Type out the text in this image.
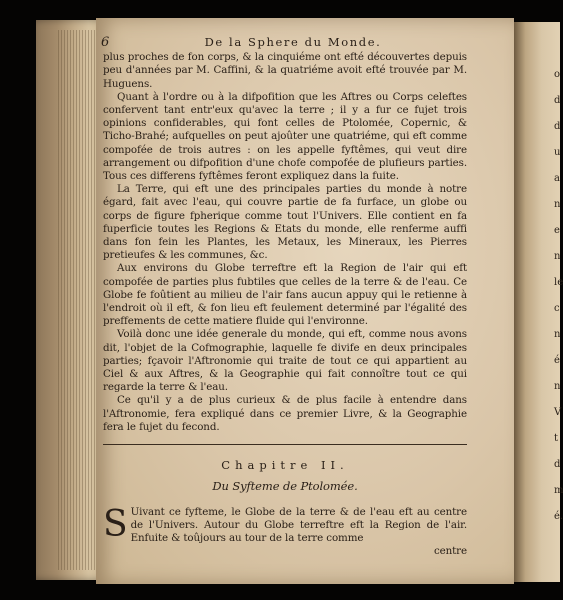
o
d
d
u
a
n
e
n
le
c
n
é
n
V
t
d
m
é.
6	De la Sphere du Monde.

plus proches de fon corps, & la cinquiéme ont efté découvertes depuis peu d'années par M. Caffini, & la quatriéme avoit efté trouvée par M. Huguens.

Quant à l'ordre ou à la difpofition que les Aftres ou Corps celeftes confervent tant entr'eux qu'avec la terre ; il y a fur ce fujet trois opinions confiderables, qui font celles de Ptolomée, Copernic, & Ticho-Brahé; aufquelles on peut ajoûter une quatriéme, qui eft comme compofée de trois autres : on les appelle fyftêmes, qui veut dire arrangement ou difpofition d'une chofe compofée de plufieurs parties. Tous ces differens fyftêmes feront expliquez dans la fuite.

La Terre, qui eft une des principales parties du monde à notre égard, fait avec l'eau, qui couvre partie de fa furface, un globe ou corps de figure fpherique comme tout l'Univers. Elle contient en fa fuperficie toutes les Regions & Etats du monde, elle renferme auffi dans fon fein les Plantes, les Metaux, les Mineraux, les Pierres pretieufes & les communes, &c.

Aux environs du Globe terreftre eft la Region de l'air qui eft compofée de parties plus fubtiles que celles de la terre & de l'eau. Ce Globe fe foûtient au milieu de l'air fans aucun appuy qui le retienne à l'endroit où il eft, & fon lieu eft feulement determiné par l'égalité des preffements de cette matiere fluide qui l'environne.

Voilà donc une idée generale du monde, qui eft, comme nous avons dit, l'objet de la Cofmographie, laquelle fe divife en deux principales parties; fçavoir l'Aftronomie qui traite de tout ce qui appartient au Ciel & aux Aftres, & la Geographie qui fait connoître tout ce qui regarde la terre & l'eau.

Ce qu'il y a de plus curieux & de plus facile à entendre dans l'Aftronomie, fera expliqué dans ce premier Livre, & la Geographie fera le fujet du fecond.

Chapitre II.
Du Syfteme de Ptolomée.

S Uivant ce fyfteme, le Globe de la terre & de l'eau eft au centre de l'Univers. Autour du Globe terreftre eft la Region de l'air. Enfuite & toûjours au tour de la terre comme

centre
